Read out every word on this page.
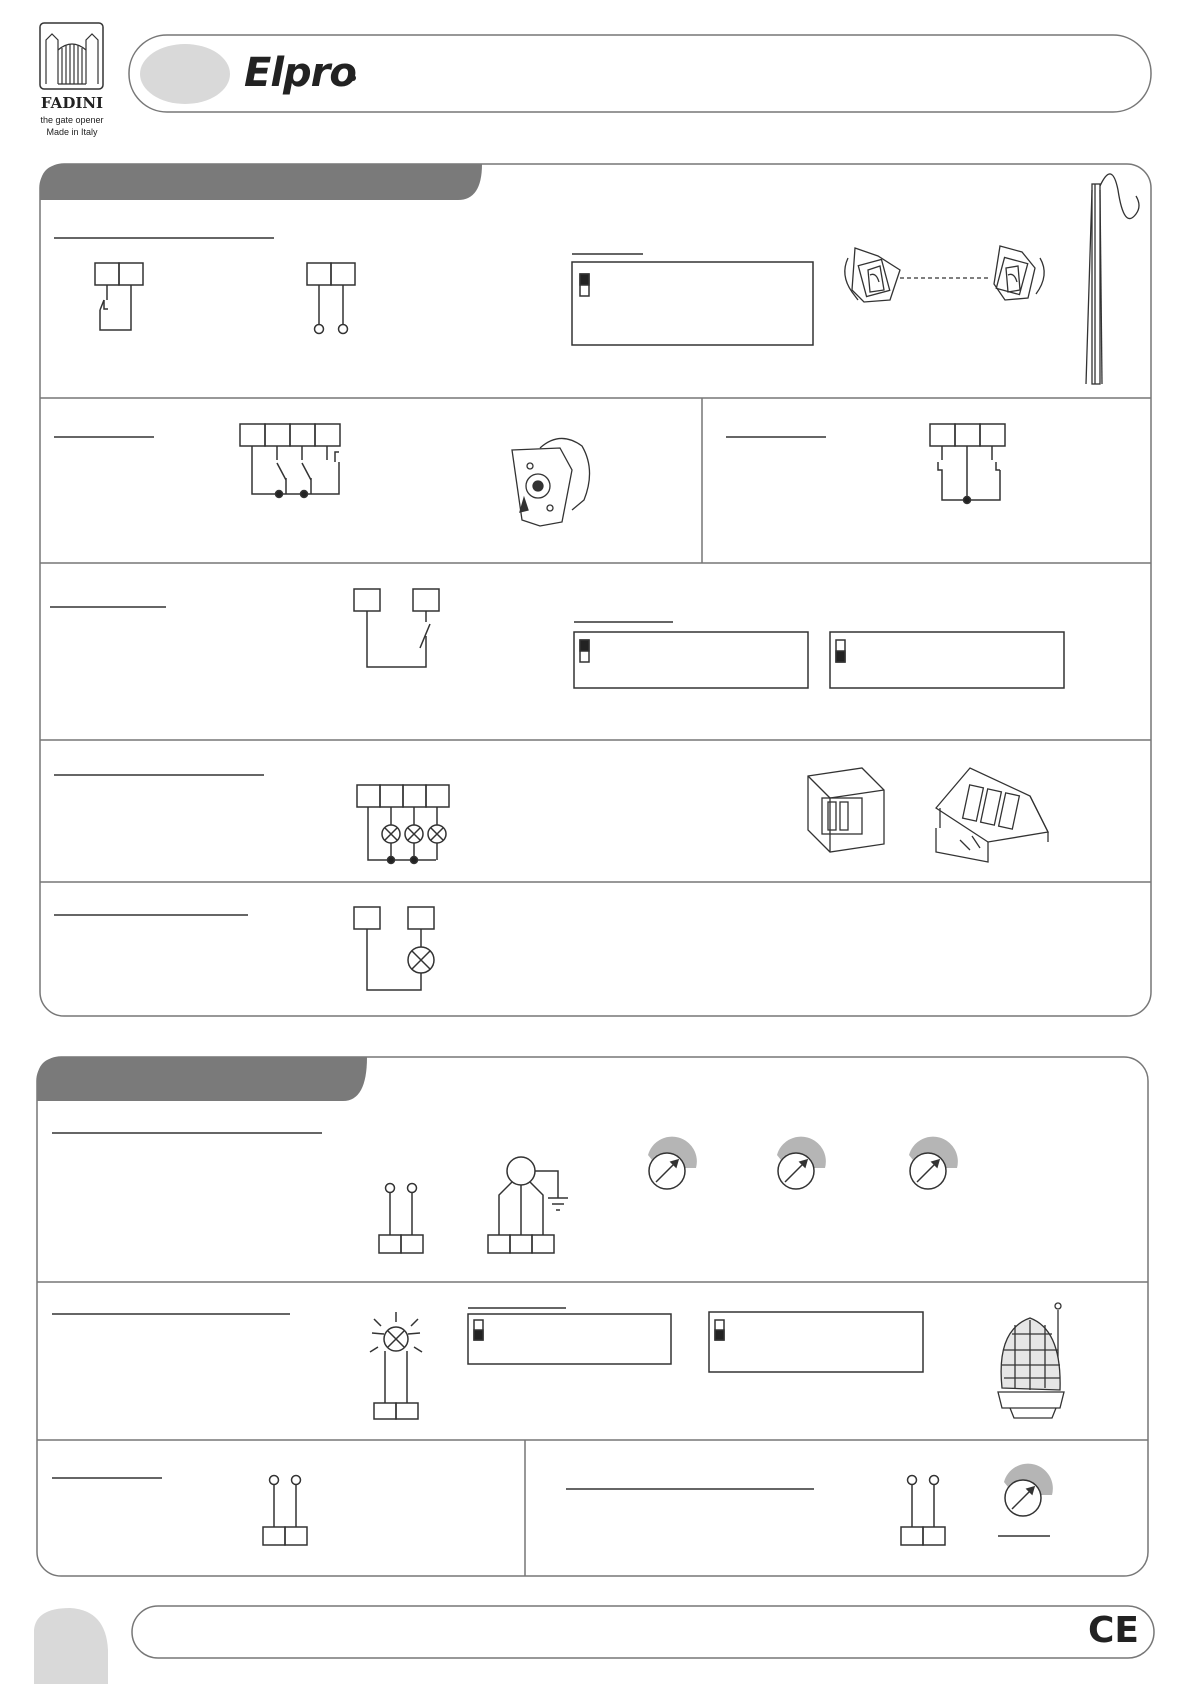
FADINI
the gate opener
Made in Italy
Elpro
CE
